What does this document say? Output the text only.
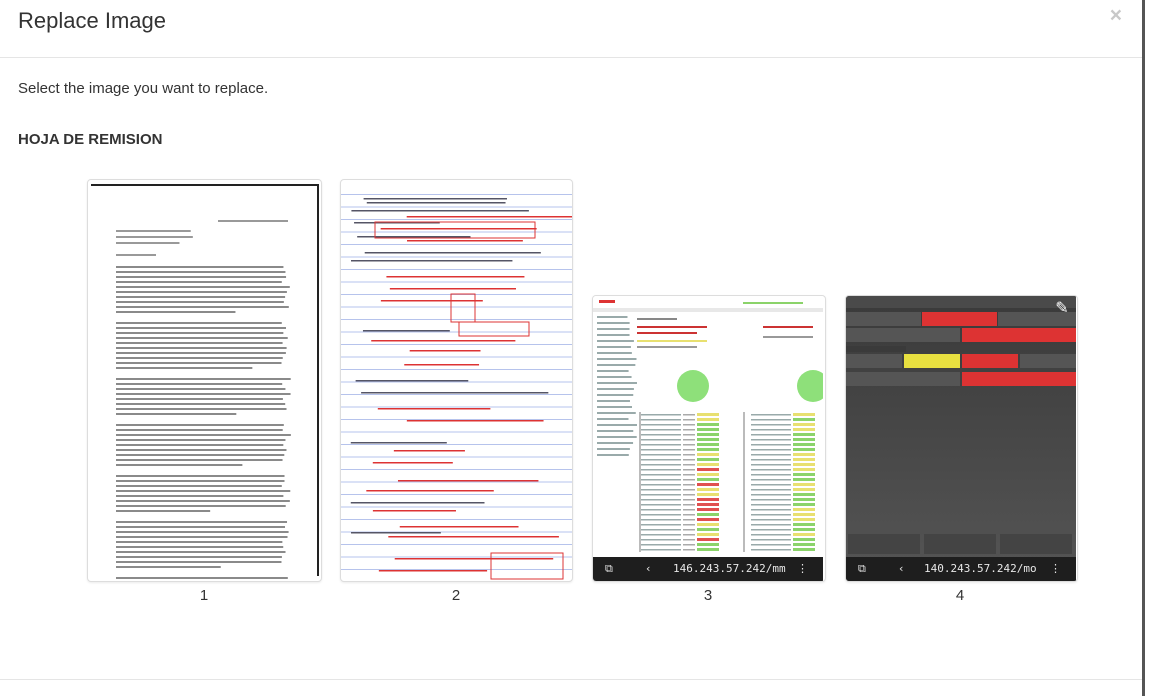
Replace Image	×
Select the image you want to replace.
HOJA DE REMISION
1	2
⧉	‹ 146.243.57.242/mm ⋮
3
⧉	‹ 140.243.57.242/mo ⋮
✎
4
